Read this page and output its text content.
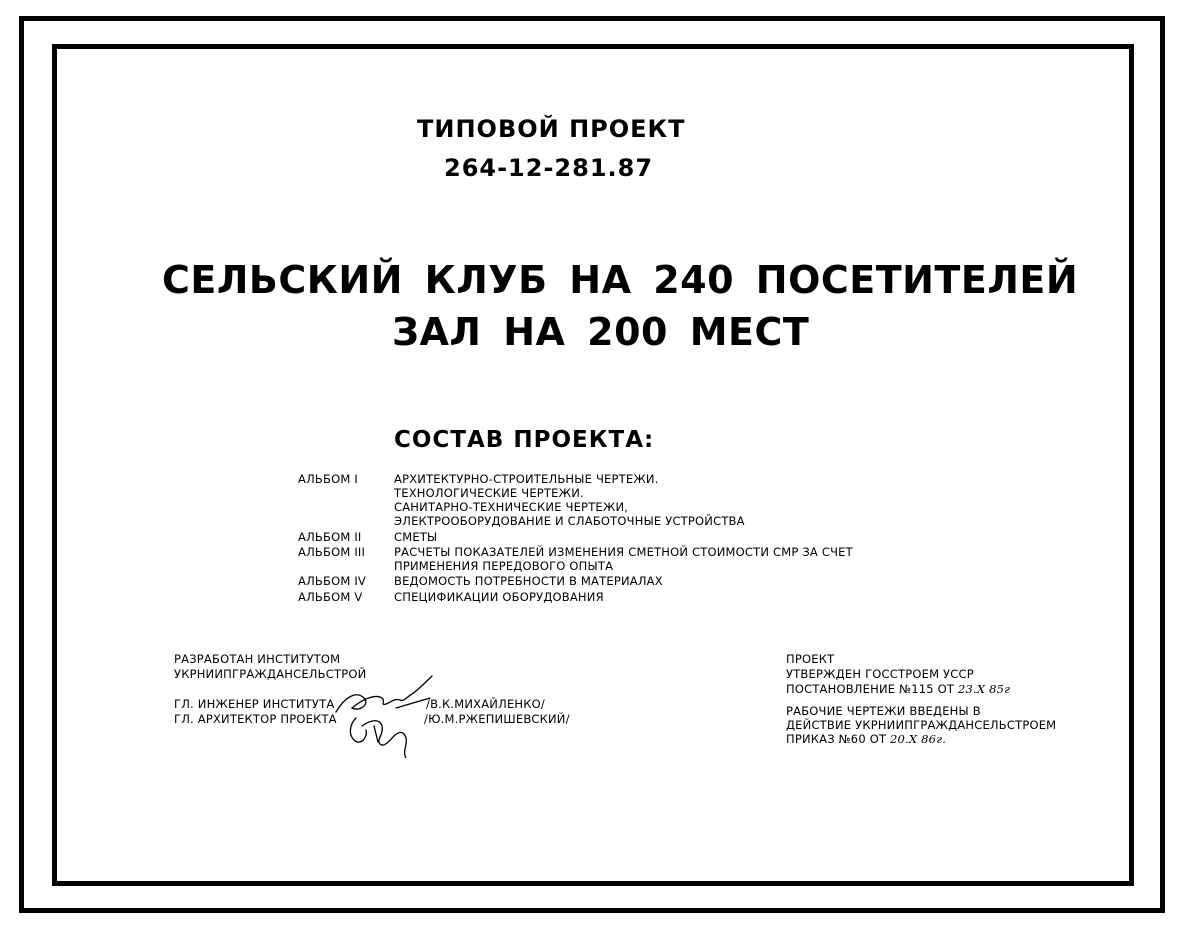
ТИПОВОЙ ПРОЕКТ
264-12-281.87
СЕЛЬСКИЙ КЛУБ НА 240 ПОСЕТИТЕЛЕЙ
ЗАЛ НА 200 МЕСТ
СОСТАВ ПРОЕКТА:
АЛЬБОМ I	АРХИТЕКТУРНО-СТРОИТЕЛЬНЫЕ ЧЕРТЕЖИ.
ТЕХНОЛОГИЧЕСКИЕ ЧЕРТЕЖИ.
САНИТАРНО-ТЕХНИЧЕСКИЕ ЧЕРТЕЖИ,
ЭЛЕКТРООБОРУДОВАНИЕ И СЛАБОТОЧНЫЕ УСТРОЙСТВА
АЛЬБОМ II	СМЕТЫ
АЛЬБОМ III	РАСЧЕТЫ ПОКАЗАТЕЛЕЙ ИЗМЕНЕНИЯ СМЕТНОЙ СТОИМОСТИ СМР ЗА СЧЕТ
ПРИМЕНЕНИЯ ПЕРЕДОВОГО ОПЫТА
АЛЬБОМ IV	ВЕДОМОСТЬ ПОТРЕБНОСТИ В МАТЕРИАЛАХ
АЛЬБОМ V	СПЕЦИФИКАЦИИ ОБОРУДОВАНИЯ
РАЗРАБОТАН ИНСТИТУТОМ
УКРНИИПГРАЖДАНСЕЛЬСТРОЙ
ГЛ. ИНЖЕНЕР ИНСТИТУТА	/В.К.МИХАЙЛЕНКО/
ГЛ. АРХИТЕКТОР ПРОЕКТА	/Ю.М.РЖЕПИШЕВСКИЙ/
ПРОЕКТ
УТВЕРЖДЕН ГОССТРОЕМ УССР
ПОСТАНОВЛЕНИЕ №115 ОТ 23.Х 85г
РАБОЧИЕ ЧЕРТЕЖИ ВВЕДЕНЫ В
ДЕЙСТВИЕ УКРНИИПГРАЖДАНСЕЛЬСТРОЕМ
ПРИКАЗ №60 ОТ 20.Х 86г.
